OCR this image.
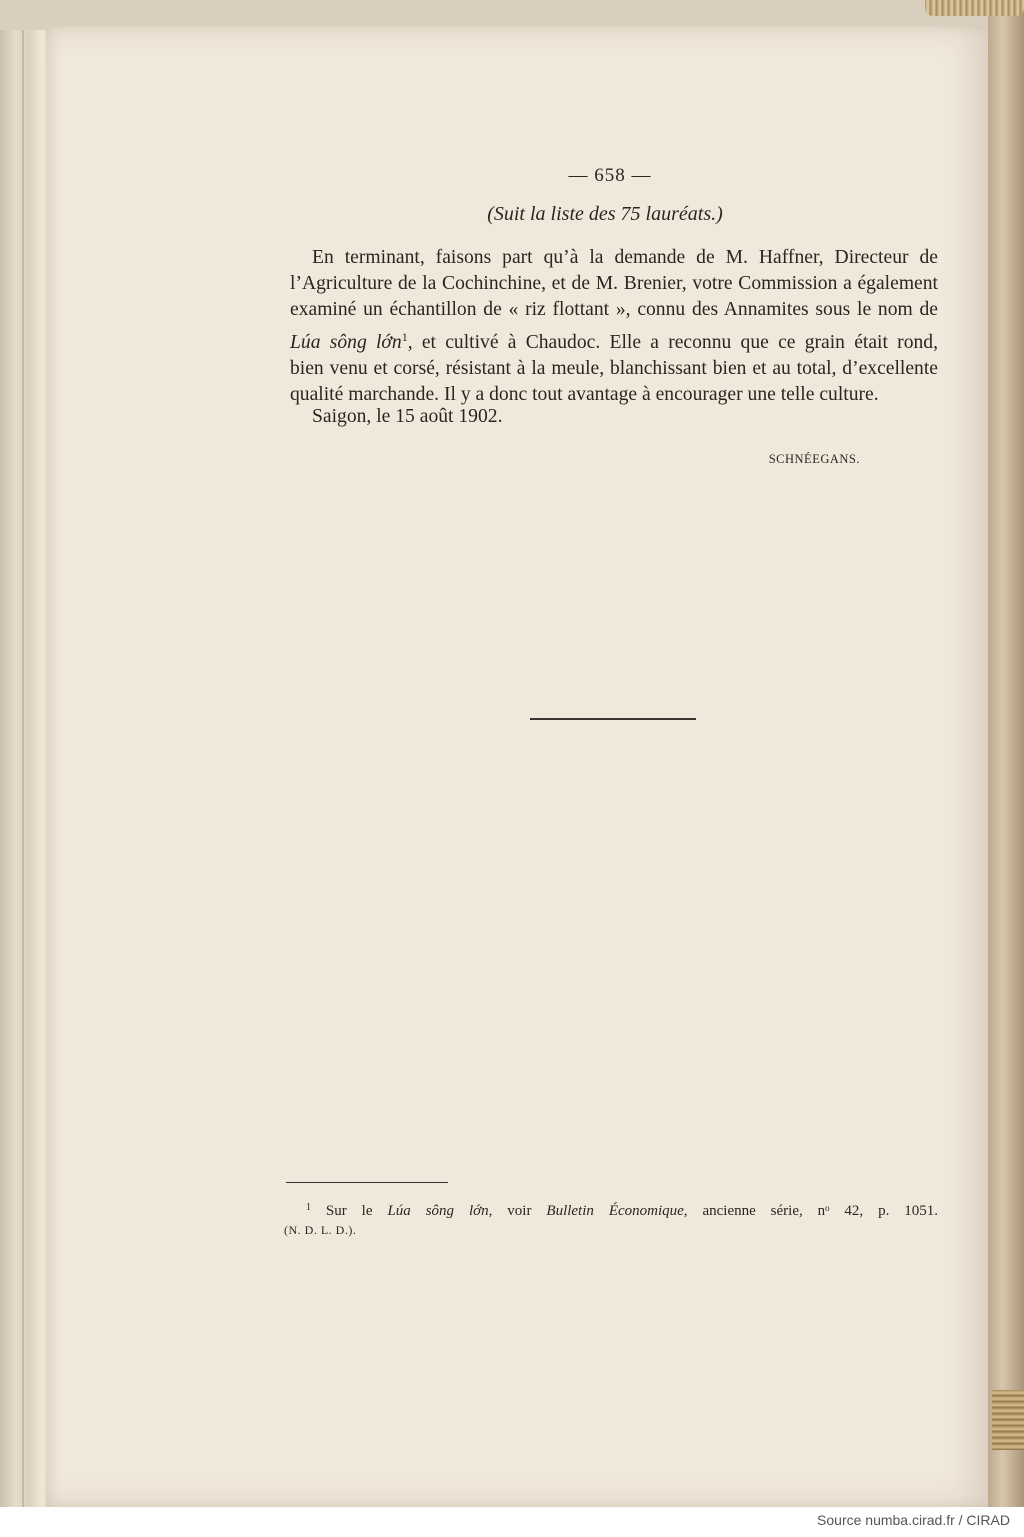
— 658 —
(Suit la liste des 75 lauréats.)
En terminant, faisons part qu’à la demande de M. Haffner, Directeur de
l’Agriculture de la Cochinchine, et de M. Brenier, votre Commission a également
examiné un échantillon de « riz flottant », connu des Annamites sous le nom de
Lúa sông lớn$^1$, et cultivé à Chaudoc. Elle a reconnu que ce grain était rond,
bien venu et corsé, résistant à la meule, blanchissant bien et au total, d’excellente
qualité marchande. Il y a donc tout avantage à encourager une telle culture.
Saigon, le 15 août 1902.
SCHNÉEGANS.
$^1$ Sur le Lúa sông lớn, voir Bulletin Économique, ancienne série, nᵒ 42, p. 1051.
(N. D. L. D.).
Source numba.cirad.fr / CIRAD
